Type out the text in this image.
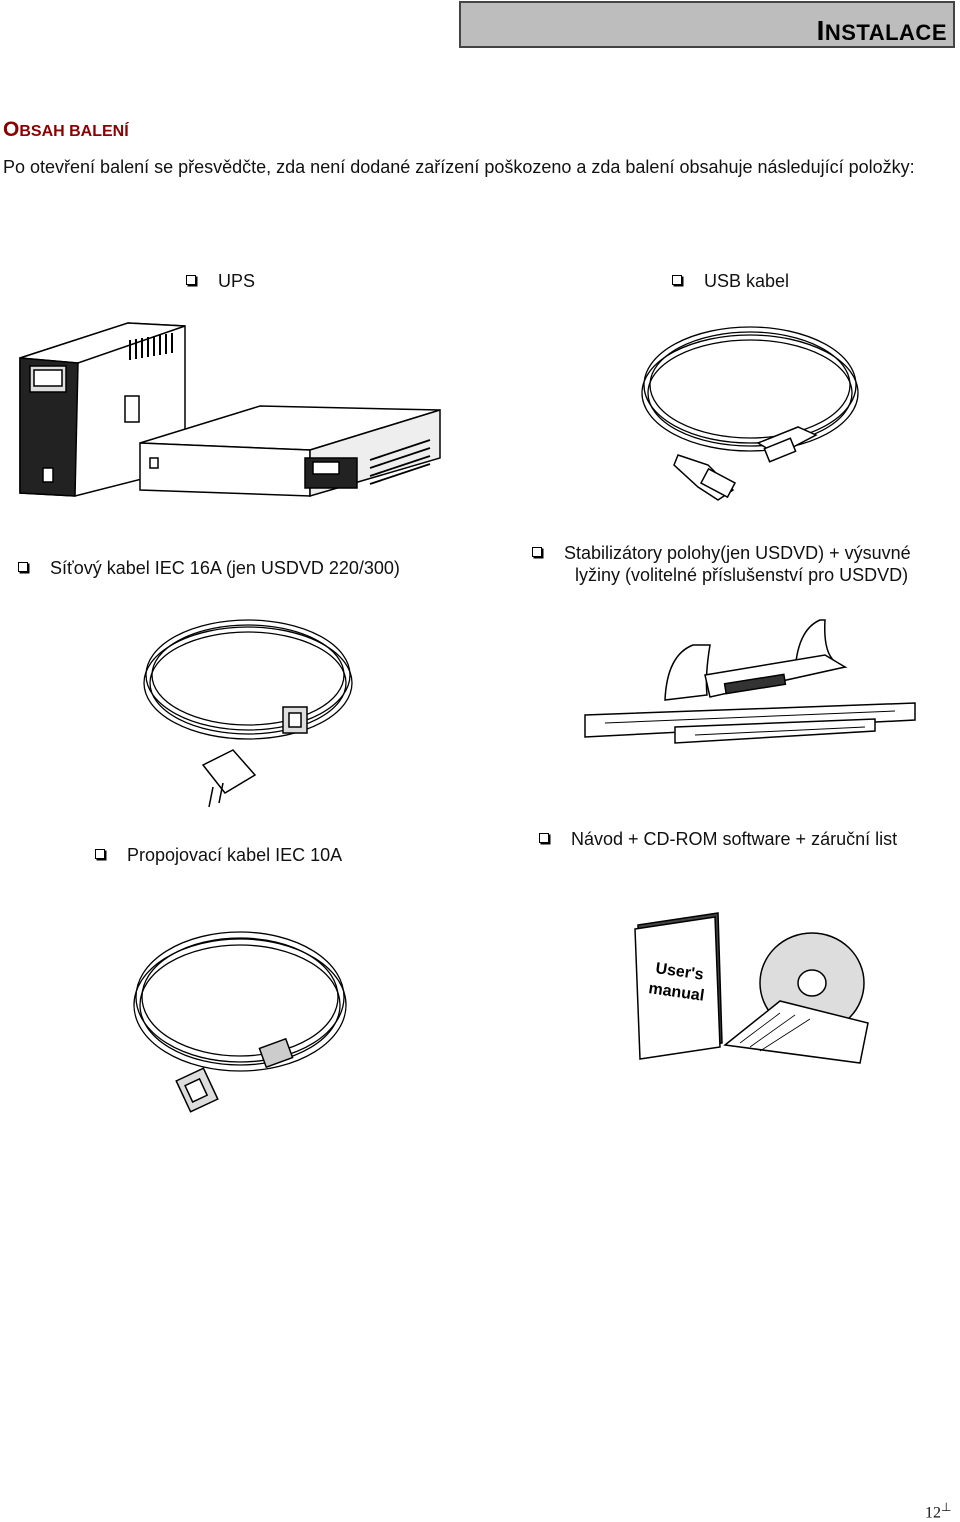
INSTALACE
OBSAH BALENÍ
Po otevření balení se přesvědčte, zda není dodané zařízení poškozeno a zda balení obsahuje následující položky:
UPS	USB kabel
Síťový kabel IEC 16A (jen USDVD 220/300)
Stabilizátory polohy(jen USDVD) + výsuvné
lyžiny (volitelné příslušenství pro USDVD)
Propojovací kabel IEC 10A
Návod + CD-ROM software + záruční list
User's
manual
12⊥
